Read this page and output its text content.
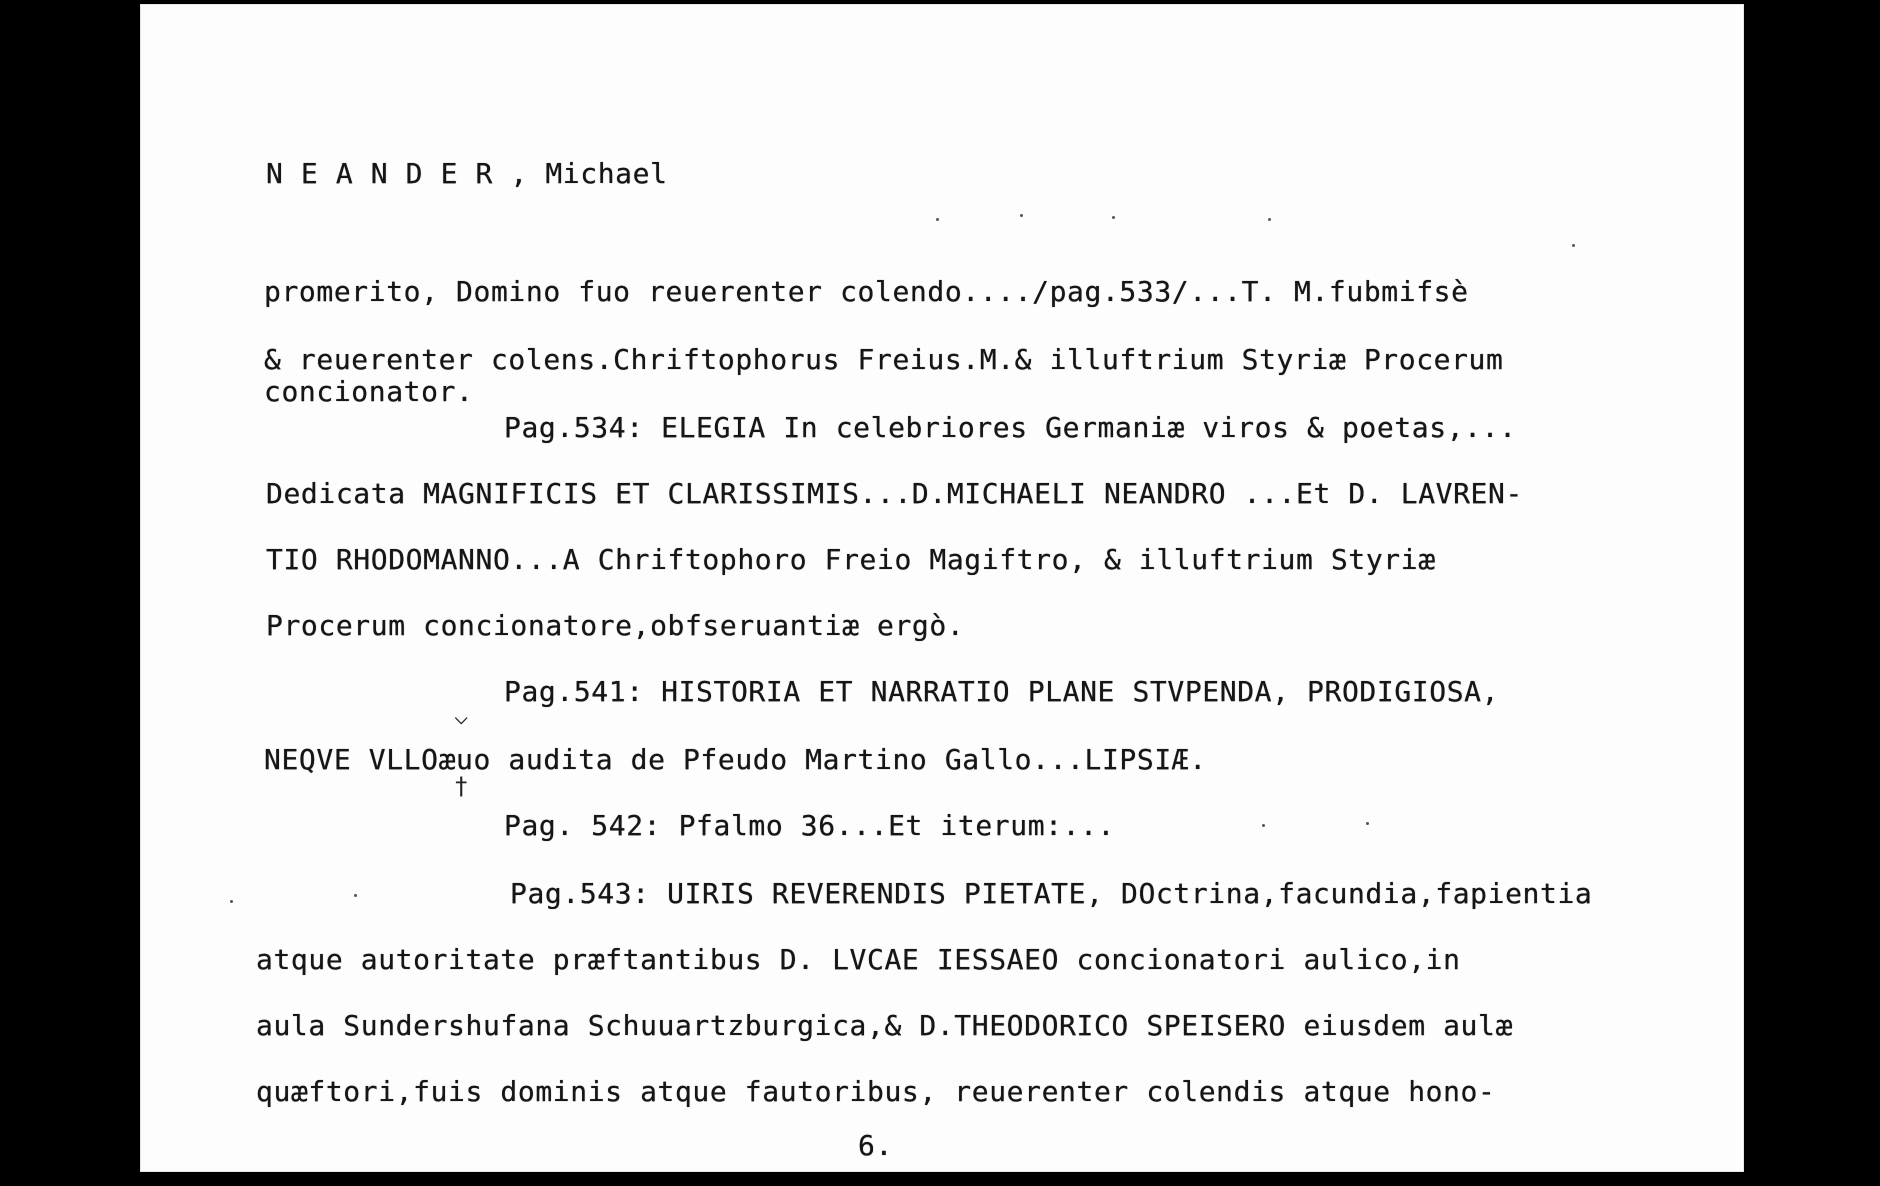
N E A N D E R , Michael
promerito, Domino fuo reuerenter colendo..../pag.533/...T. M.fubmifsè
& reuerenter colens.Chriftophorus Freius.M.& illuftrium Styriæ Procerum
concionator.
Pag.534: ELEGIA In celebriores Germaniæ viros & poetas,...
Dedicata MAGNIFICIS ET CLARISSIMIS...D.MICHAELI NEANDRO ...Et D. LAVREN-
TIO RHODOMANNO...A Chriftophoro Freio Magiftro, & illuftrium Styriæ
Procerum concionatore,obfseruantiæ ergò.
Pag.541: HISTORIA ET NARRATIO PLANE STVPENDA, PRODIGIOSA,
⌵
NEQVE VLLOæuo audita de Pfeudo Martino Gallo...LIPSIÆ.
†
Pag. 542: Pfalmo 36...Et iterum:...
Pag.543: UIRIS REVERENDIS PIETATE, DOctrina,facundia,fapientia
atque autoritate præftantibus D. LVCAE IESSAEO concionatori aulico,in
aula Sundershufana Schuuartzburgica,& D.THEODORICO SPEISERO eiusdem aulæ
quæftori,fuis dominis atque fautoribus, reuerenter colendis atque hono-
6.
